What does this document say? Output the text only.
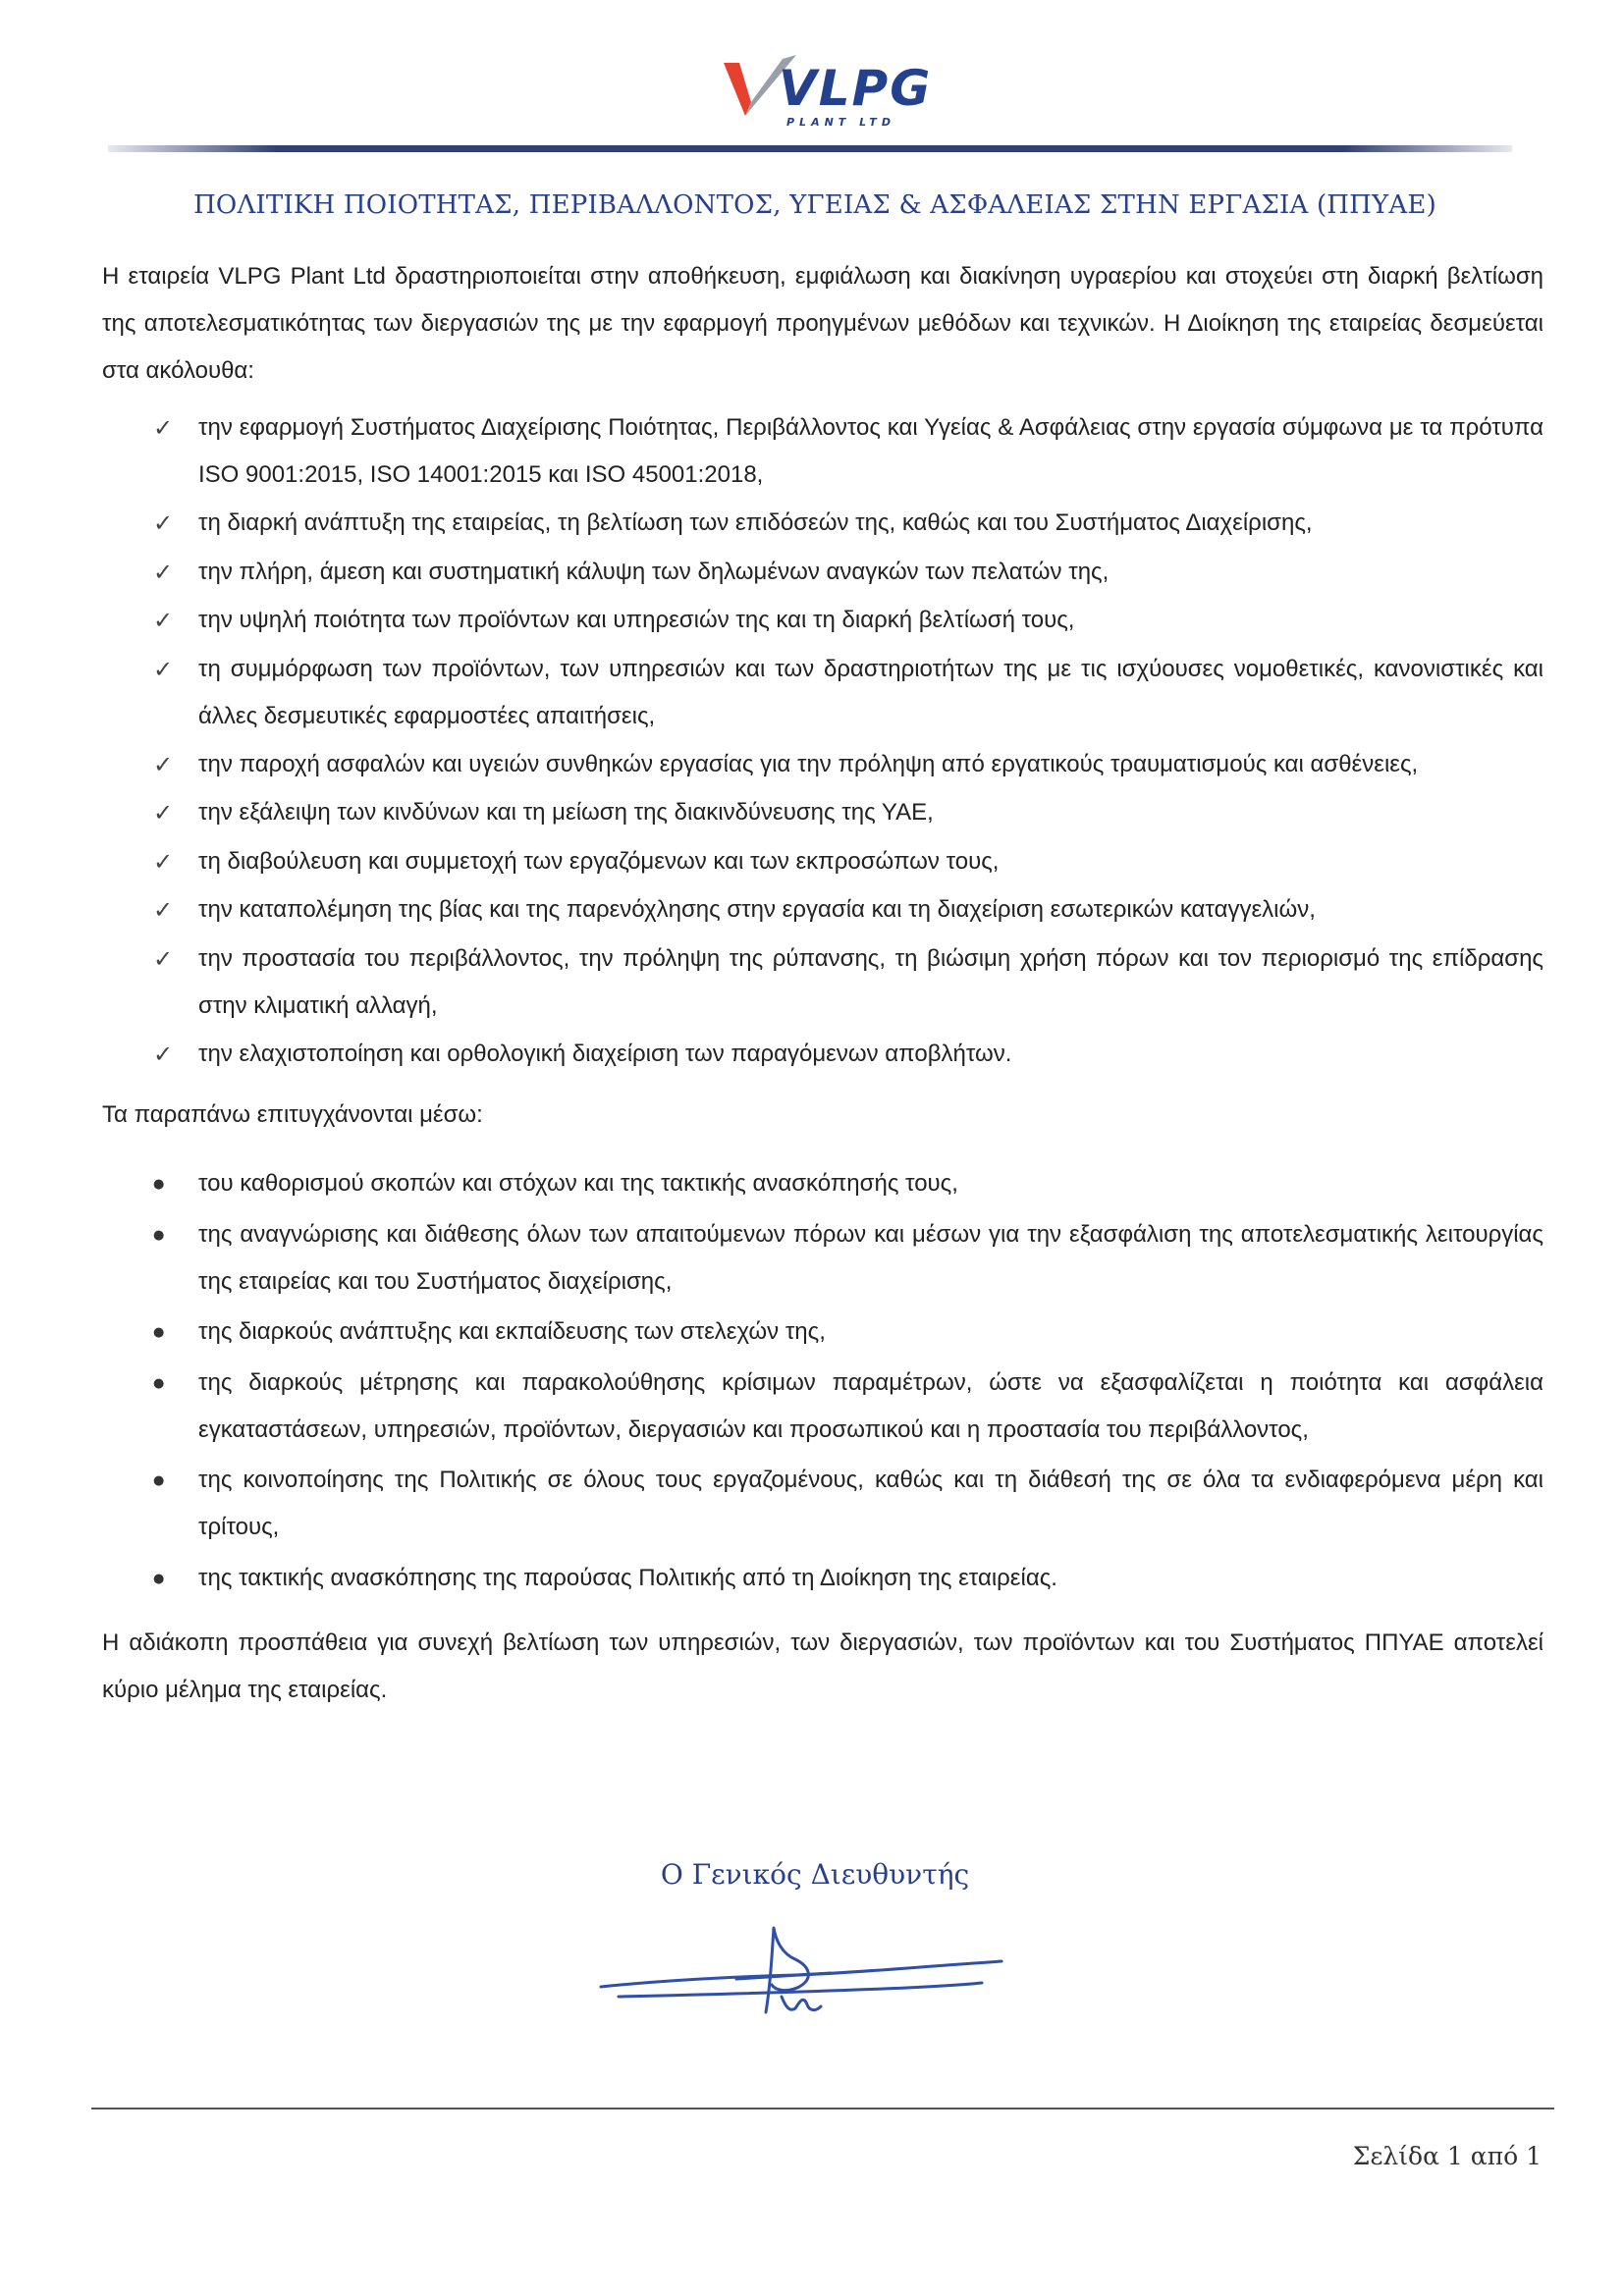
VLPG
PLANT LTD
ΠΟΛΙΤΙΚΗ ΠΟΙΟΤΗΤΑΣ, ΠΕΡΙΒΑΛΛΟΝΤΟΣ, ΥΓΕΙΑΣ & ΑΣΦΑΛΕΙΑΣ ΣΤΗΝ ΕΡΓΑΣΙΑ (ΠΠΥΑΕ)

Η εταιρεία VLPG Plant Ltd δραστηριοποιείται στην αποθήκευση, εμφιάλωση και διακίνηση υγραερίου και στοχεύει στη διαρκή βελτίωση της αποτελεσματικότητας των διεργασιών της με την εφαρμογή προηγμένων μεθόδων και τεχνικών. Η Διοίκηση της εταιρείας δεσμεύεται στα ακόλουθα:

✓ την εφαρμογή Συστήματος Διαχείρισης Ποιότητας, Περιβάλλοντος και Υγείας & Ασφάλειας στην εργασία σύμφωνα με τα πρότυπα ISO 9001:2015, ISO 14001:2015 και ISO 45001:2018,
✓ τη διαρκή ανάπτυξη της εταιρείας, τη βελτίωση των επιδόσεών της, καθώς και του Συστήματος Διαχείρισης,
✓ την πλήρη, άμεση και συστηματική κάλυψη των δηλωμένων αναγκών των πελατών της,
✓ την υψηλή ποιότητα των προϊόντων και υπηρεσιών της και τη διαρκή βελτίωσή τους,
✓ τη συμμόρφωση των προϊόντων, των υπηρεσιών και των δραστηριοτήτων της με τις ισχύουσες νομοθετικές, κανονιστικές και άλλες δεσμευτικές εφαρμοστέες απαιτήσεις,
✓ την παροχή ασφαλών και υγειών συνθηκών εργασίας για την πρόληψη από εργατικούς τραυματισμούς και ασθένειες,
✓ την εξάλειψη των κινδύνων και τη μείωση της διακινδύνευσης της ΥΑΕ,
✓ τη διαβούλευση και συμμετοχή των εργαζόμενων και των εκπροσώπων τους,
✓ την καταπολέμηση της βίας και της παρενόχλησης στην εργασία και τη διαχείριση εσωτερικών καταγγελιών,
✓ την προστασία του περιβάλλοντος, την πρόληψη της ρύπανσης, τη βιώσιμη χρήση πόρων και τον περιορισμό της επίδρασης στην κλιματική αλλαγή,
✓ την ελαχιστοποίηση και ορθολογική διαχείριση των παραγόμενων αποβλήτων.

Τα παραπάνω επιτυγχάνονται μέσω:

● του καθορισμού σκοπών και στόχων και της τακτικής ανασκόπησής τους,
● της αναγνώρισης και διάθεσης όλων των απαιτούμενων πόρων και μέσων για την εξασφάλιση της αποτελεσματικής λειτουργίας της εταιρείας και του Συστήματος διαχείρισης,
● της διαρκούς ανάπτυξης και εκπαίδευσης των στελεχών της,
● της διαρκούς μέτρησης και παρακολούθησης κρίσιμων παραμέτρων, ώστε να εξασφαλίζεται η ποιότητα και ασφάλεια εγκαταστάσεων, υπηρεσιών, προϊόντων, διεργασιών και προσωπικού και η προστασία του περιβάλλοντος,
● της κοινοποίησης της Πολιτικής σε όλους τους εργαζομένους, καθώς και τη διάθεσή της σε όλα τα ενδιαφερόμενα μέρη και τρίτους,
● της τακτικής ανασκόπησης της παρούσας Πολιτικής από τη Διοίκηση της εταιρείας.

Η αδιάκοπη προσπάθεια για συνεχή βελτίωση των υπηρεσιών, των διεργασιών, των προϊόντων και του Συστήματος ΠΠΥΑΕ αποτελεί κύριο μέλημα της εταιρείας.

Ο Γενικός Διευθυντής
Σελίδα 1 από 1
